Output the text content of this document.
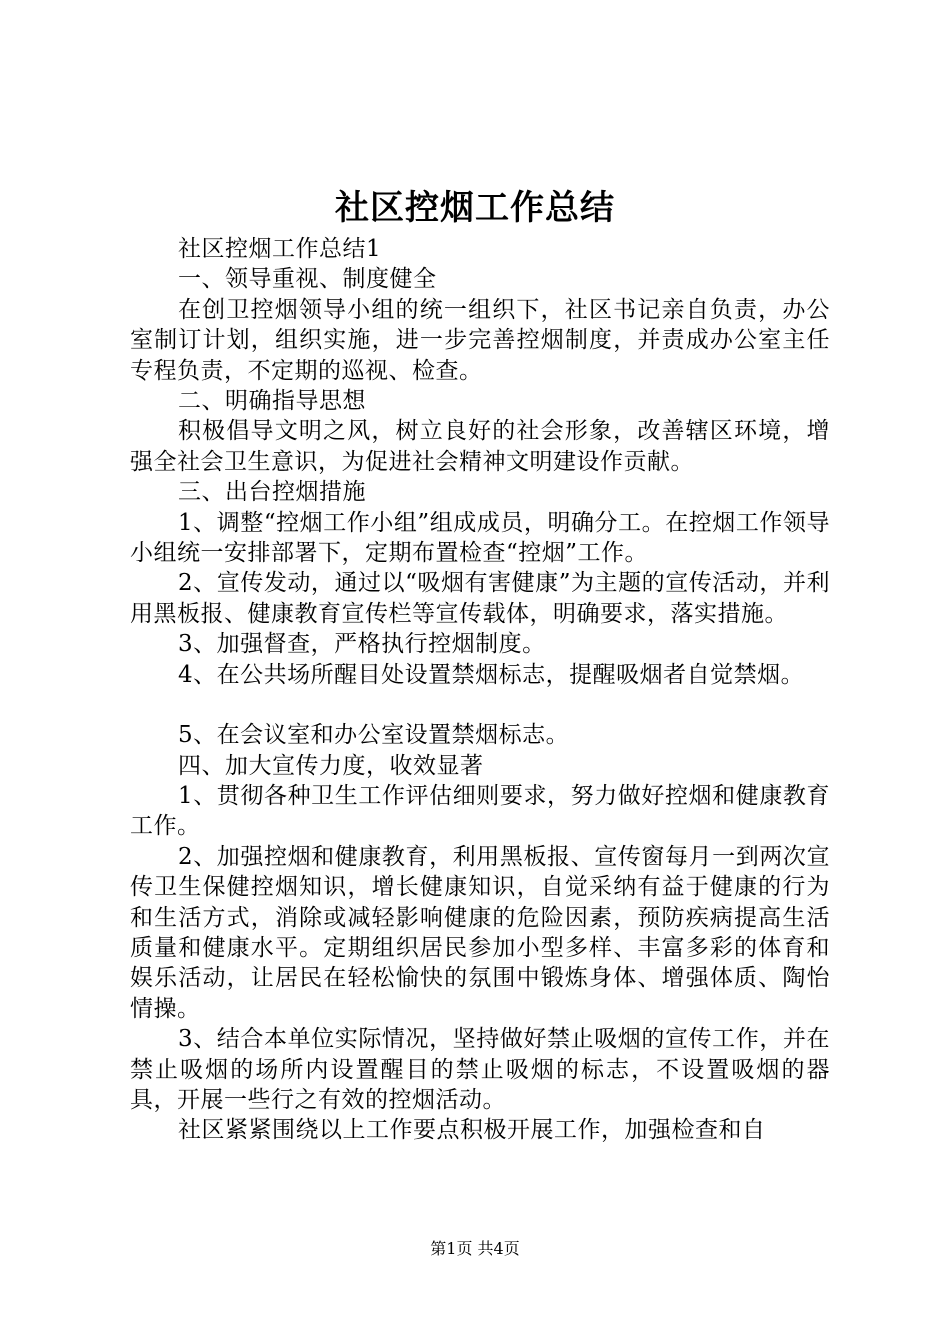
社区控烟工作总结

社区控烟工作总结1

一、领导重视、制度健全

在创卫控烟领导小组的统一组织下，社区书记亲自负责，办公室制订计划，组织实施，进一步完善控烟制度，并责成办公室主任专程负责，不定期的巡视、检查。

二、明确指导思想

积极倡导文明之风，树立良好的社会形象，改善辖区环境，增强全社会卫生意识，为促进社会精神文明建设作贡献。

三、出台控烟措施

1、调整“控烟工作小组”组成成员，明确分工。在控烟工作领导小组统一安排部署下，定期布置检查“控烟”工作。

2、宣传发动，通过以“吸烟有害健康”为主题的宣传活动，并利用黑板报、健康教育宣传栏等宣传载体，明确要求，落实措施。

3、加强督查，严格执行控烟制度。

4、在公共场所醒目处设置禁烟标志，提醒吸烟者自觉禁烟。

5、在会议室和办公室设置禁烟标志。

四、加大宣传力度，收效显著

1、贯彻各种卫生工作评估细则要求，努力做好控烟和健康教育工作。

2、加强控烟和健康教育，利用黑板报、宣传窗每月一到两次宣传卫生保健控烟知识，增长健康知识，自觉采纳有益于健康的行为和生活方式，消除或减轻影响健康的危险因素，预防疾病提高生活质量和健康水平。定期组织居民参加小型多样、丰富多彩的体育和娱乐活动，让居民在轻松愉快的氛围中锻炼身体、增强体质、陶怡情操。

3、结合本单位实际情况，坚持做好禁止吸烟的宣传工作，并在禁止吸烟的场所内设置醒目的禁止吸烟的标志，不设置吸烟的器具，开展一些行之有效的控烟活动。

社区紧紧围绕以上工作要点积极开展工作，加强检查和自

第1页 共4页
